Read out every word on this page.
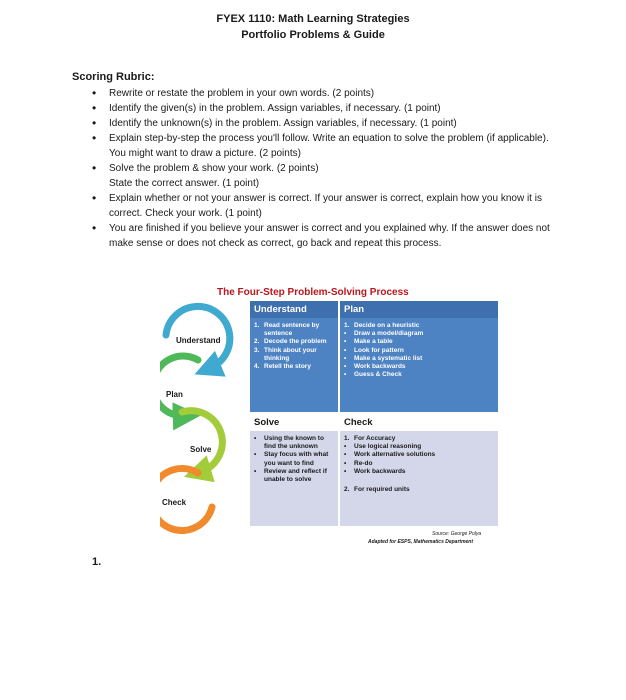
FYEX 1110: Math Learning Strategies
Portfolio Problems & Guide
Scoring Rubric:
• Rewrite or restate the problem in your own words. (2 points)
• Identify the given(s) in the problem. Assign variables, if necessary. (1 point)
• Identify the unknown(s) in the problem. Assign variables, if necessary. (1 point)
• Explain step-by-step the process you'll follow. Write an equation to solve the problem (if applicable). You might want to draw a picture. (2 points)
• Solve the problem & show your work. (2 points)
State the correct answer. (1 point)
• Explain whether or not your answer is correct. If your answer is correct, explain how you know it is correct. Check your work. (1 point)
• You are finished if you believe your answer is correct and you explained why. If the answer does not make sense or does not check as correct, go back and repeat this process.
The Four-Step Problem-Solving Process
Understand
Plan
Solve
Check
Understand
1. Read sentence by sentence
2. Decode the problem
3. Think about your thinking
4. Retell the story
Plan
1. Decide on a heuristic
• Draw a model/diagram
• Make a table
• Look for pattern
• Make a systematic list
• Work backwards
• Guess & Check
Solve
• Using the known to find the unknown
• Stay focus with what you want to find
• Review and reflect if unable to solve
Check
1. For Accuracy
• Use logical reasoning
• Work alternative solutions
• Re-do
• Work backwards
2. For required units
Source: George Polya
Adapted for ESPS, Mathematics Department
1.
